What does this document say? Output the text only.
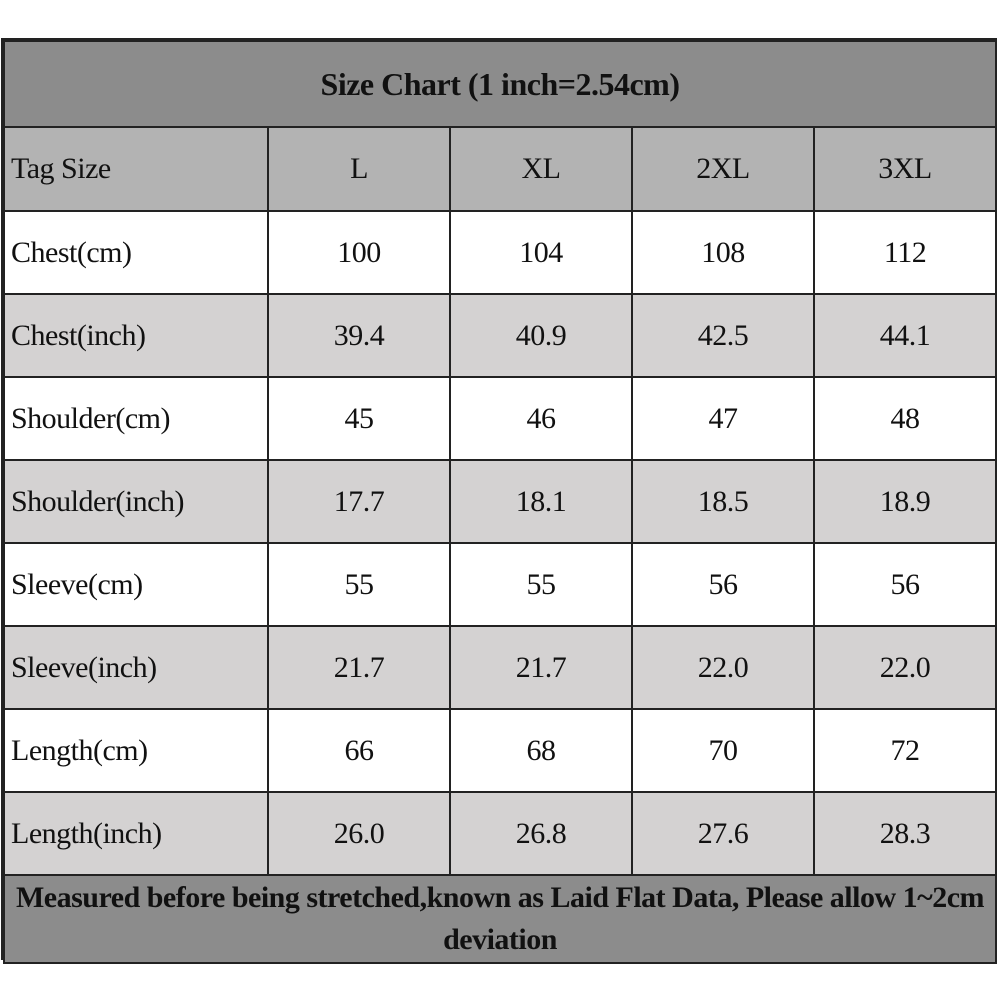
Size Chart (1 inch=2.54cm)				
Tag Size	L	XL	2XL	3XL
Chest(cm)	100	104	108	112
Chest(inch)	39.4	40.9	42.5	44.1
Shoulder(cm)	45	46	47	48
Shoulder(inch)	17.7	18.1	18.5	18.9
Sleeve(cm)	55	55	56	56
Sleeve(inch)	21.7	21.7	22.0	22.0
Length(cm)	66	68	70	72
Length(inch)	26.0	26.8	27.6	28.3
Measured before being stretched,known as Laid Flat Data, Please allow 1~2cm deviation				
